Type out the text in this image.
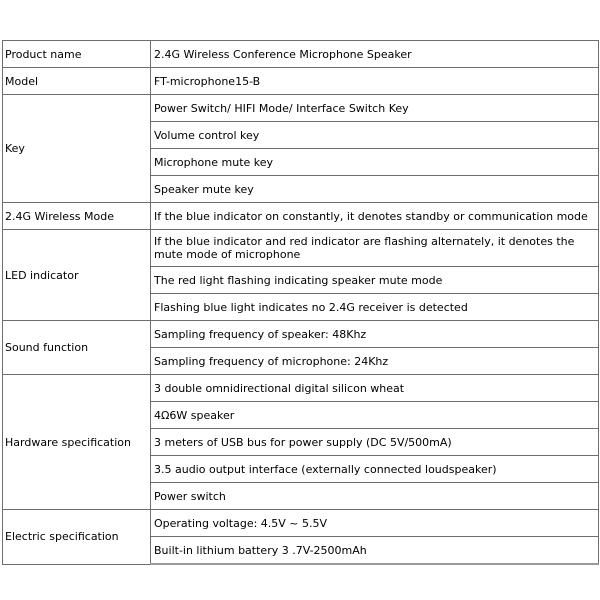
Product name	2.4G Wireless Conference Microphone Speaker
Model	FT-microphone15-B
Key	Power Switch/ HIFI Mode/ Interface Switch Key
	Volume control key
	Microphone mute key
	Speaker mute key
2.4G Wireless Mode	If the blue indicator on constantly, it denotes standby or communication mode
LED indicator	If the blue indicator and red indicator are flashing alternately, it denotes the mute mode of microphone
	The red light flashing indicating speaker mute mode
	Flashing blue light indicates no 2.4G receiver is detected
Sound function	Sampling frequency of speaker: 48Khz
	Sampling frequency of microphone: 24Khz
Hardware specification	3 double omnidirectional digital silicon wheat
	4Ω6W speaker
	3 meters of USB bus for power supply (DC 5V/500mA)
	3.5 audio output interface (externally connected loudspeaker)
	Power switch
Electric specification	Operating voltage: 4.5V ~ 5.5V
	Built-in lithium battery 3 .7V-2500mAh
